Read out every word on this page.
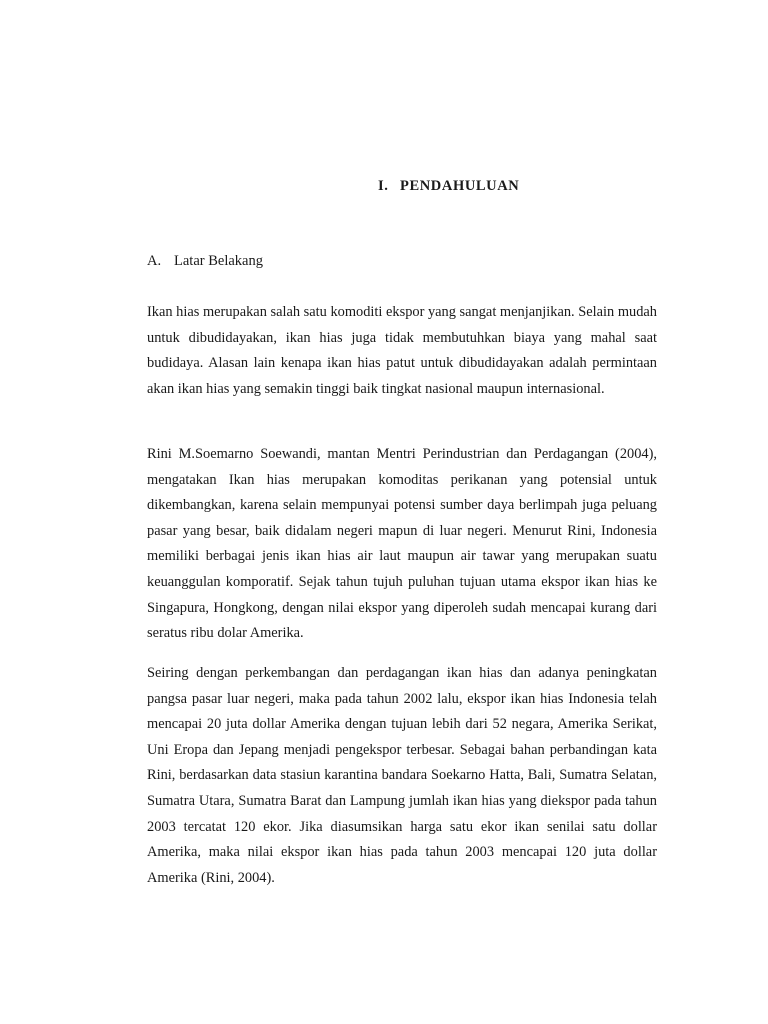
I. PENDAHULUAN
A. Latar Belakang

Ikan hias merupakan salah satu komoditi ekspor yang sangat menjanjikan. Selain mudah untuk dibudidayakan, ikan hias juga tidak membutuhkan biaya yang mahal saat budidaya. Alasan lain kenapa ikan hias patut untuk dibudidayakan adalah permintaan akan ikan hias yang semakin tinggi baik tingkat nasional maupun internasional.

Rini M.Soemarno Soewandi, mantan Mentri Perindustrian dan Perdagangan (2004), mengatakan Ikan hias merupakan komoditas perikanan yang potensial untuk dikembangkan, karena selain mempunyai potensi sumber daya berlimpah juga peluang pasar yang besar, baik didalam negeri mapun di luar negeri. Menurut Rini, Indonesia memiliki berbagai jenis ikan hias air laut maupun air tawar yang merupakan suatu keuanggulan komporatif. Sejak tahun tujuh puluhan tujuan utama ekspor ikan hias ke Singapura, Hongkong, dengan nilai ekspor yang diperoleh sudah mencapai kurang dari seratus ribu dolar Amerika.

Seiring dengan perkembangan dan perdagangan ikan hias dan adanya peningkatan pangsa pasar luar negeri, maka pada tahun 2002 lalu, ekspor ikan hias Indonesia telah mencapai 20 juta dollar Amerika dengan tujuan lebih dari 52 negara, Amerika Serikat, Uni Eropa dan Jepang menjadi pengekspor terbesar. Sebagai bahan perbandingan kata Rini, berdasarkan data stasiun karantina bandara Soekarno Hatta, Bali, Sumatra Selatan, Sumatra Utara, Sumatra Barat dan Lampung jumlah ikan hias yang diekspor pada tahun 2003 tercatat 120 ekor. Jika diasumsikan harga satu ekor ikan senilai satu dollar Amerika, maka nilai ekspor ikan hias pada tahun 2003 mencapai 120 juta dollar Amerika (Rini, 2004).
